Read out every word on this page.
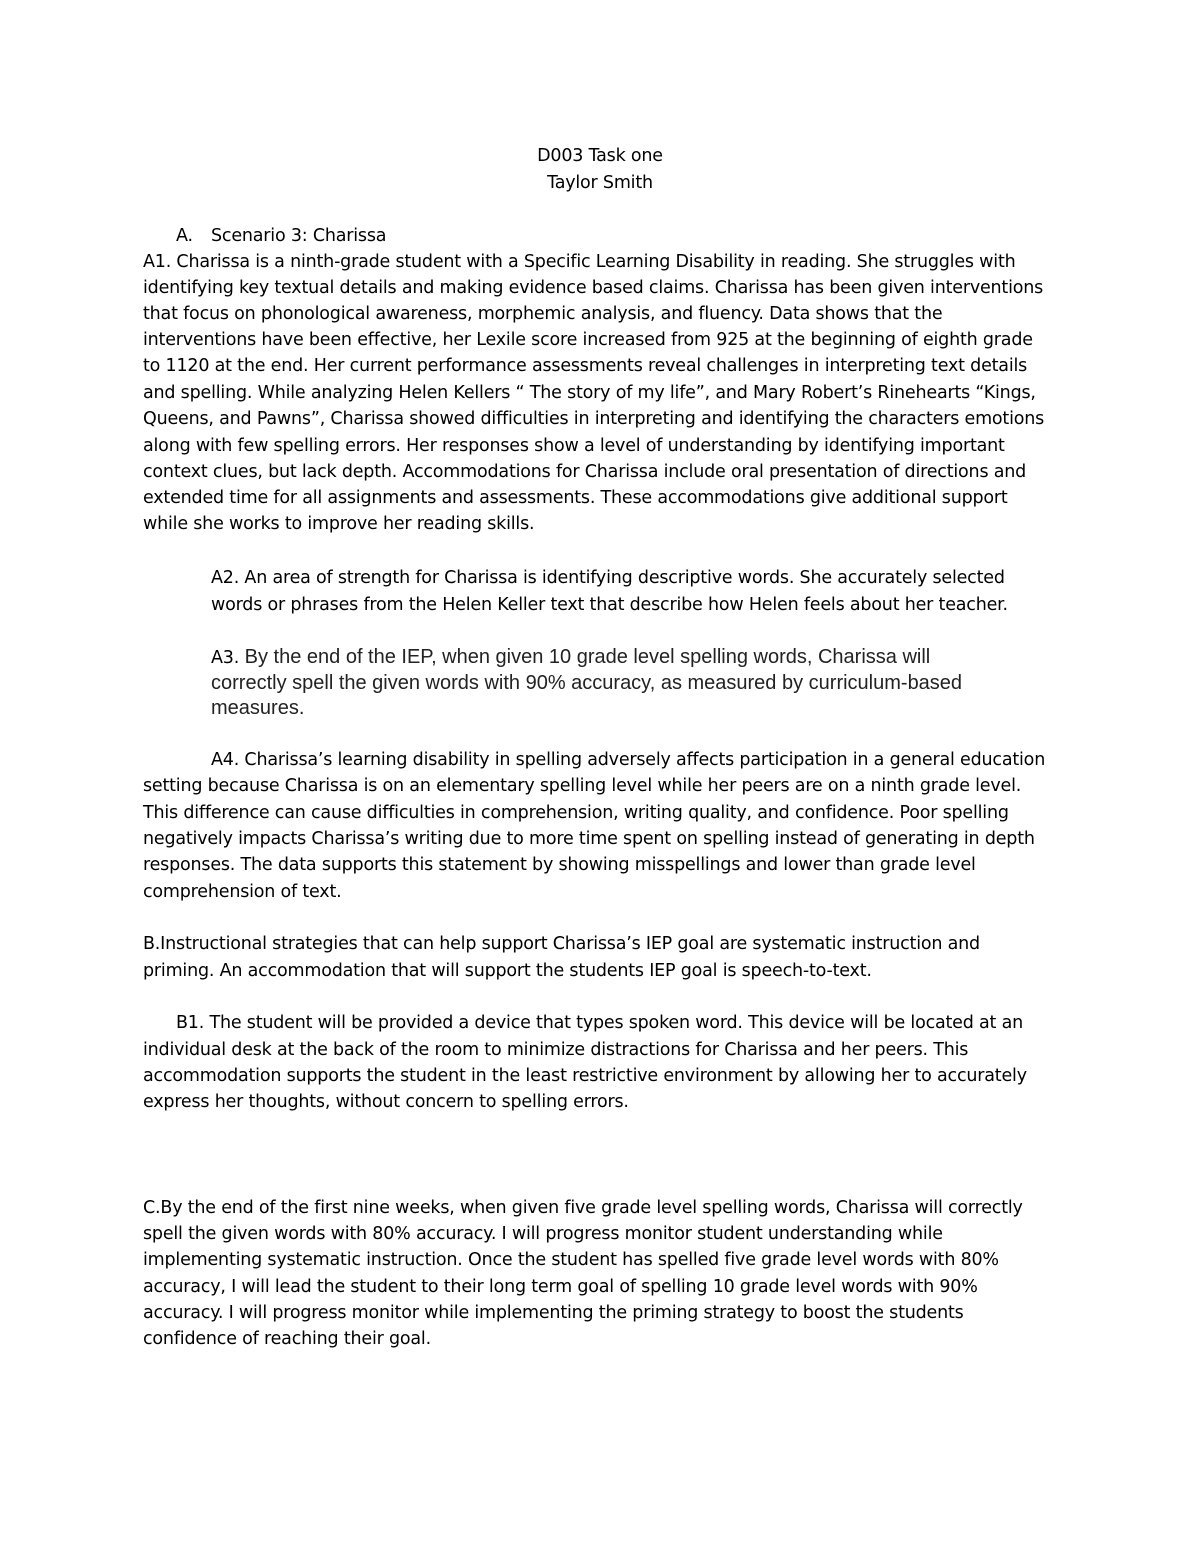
D003 Task one
Taylor Smith
A. Scenario 3: Charissa
A1. Charissa is a ninth-grade student with a Specific Learning Disability in reading. She struggles with
identifying key textual details and making evidence based claims. Charissa has been given interventions
that focus on phonological awareness, morphemic analysis, and fluency. Data shows that the
interventions have been effective, her Lexile score increased from 925 at the beginning of eighth grade
to 1120 at the end. Her current performance assessments reveal challenges in interpreting text details
and spelling. While analyzing Helen Kellers “ The story of my life”, and Mary Robert’s Rinehearts “Kings,
Queens, and Pawns”, Charissa showed difficulties in interpreting and identifying the characters emotions
along with few spelling errors. Her responses show a level of understanding by identifying important
context clues, but lack depth. Accommodations for Charissa include oral presentation of directions and
extended time for all assignments and assessments. These accommodations give additional support
while she works to improve her reading skills.
A2. An area of strength for Charissa is identifying descriptive words. She accurately selected
words or phrases from the Helen Keller text that describe how Helen feels about her teacher.
A3. By the end of the IEP, when given 10 grade level spelling words, Charissa will
correctly spell the given words with 90% accuracy, as measured by curriculum-based
measures.
A4. Charissa’s learning disability in spelling adversely affects participation in a general education
setting because Charissa is on an elementary spelling level while her peers are on a ninth grade level.
This difference can cause difficulties in comprehension, writing quality, and confidence. Poor spelling
negatively impacts Charissa’s writing due to more time spent on spelling instead of generating in depth
responses. The data supports this statement by showing misspellings and lower than grade level
comprehension of text.
B.Instructional strategies that can help support Charissa’s IEP goal are systematic instruction and
priming. An accommodation that will support the students IEP goal is speech-to-text.
B1. The student will be provided a device that types spoken word. This device will be located at an
individual desk at the back of the room to minimize distractions for Charissa and her peers. This
accommodation supports the student in the least restrictive environment by allowing her to accurately
express her thoughts, without concern to spelling errors.
C.By the end of the first nine weeks, when given five grade level spelling words, Charissa will correctly
spell the given words with 80% accuracy. I will progress monitor student understanding while
implementing systematic instruction. Once the student has spelled five grade level words with 80%
accuracy, I will lead the student to their long term goal of spelling 10 grade level words with 90%
accuracy. I will progress monitor while implementing the priming strategy to boost the students
confidence of reaching their goal.
